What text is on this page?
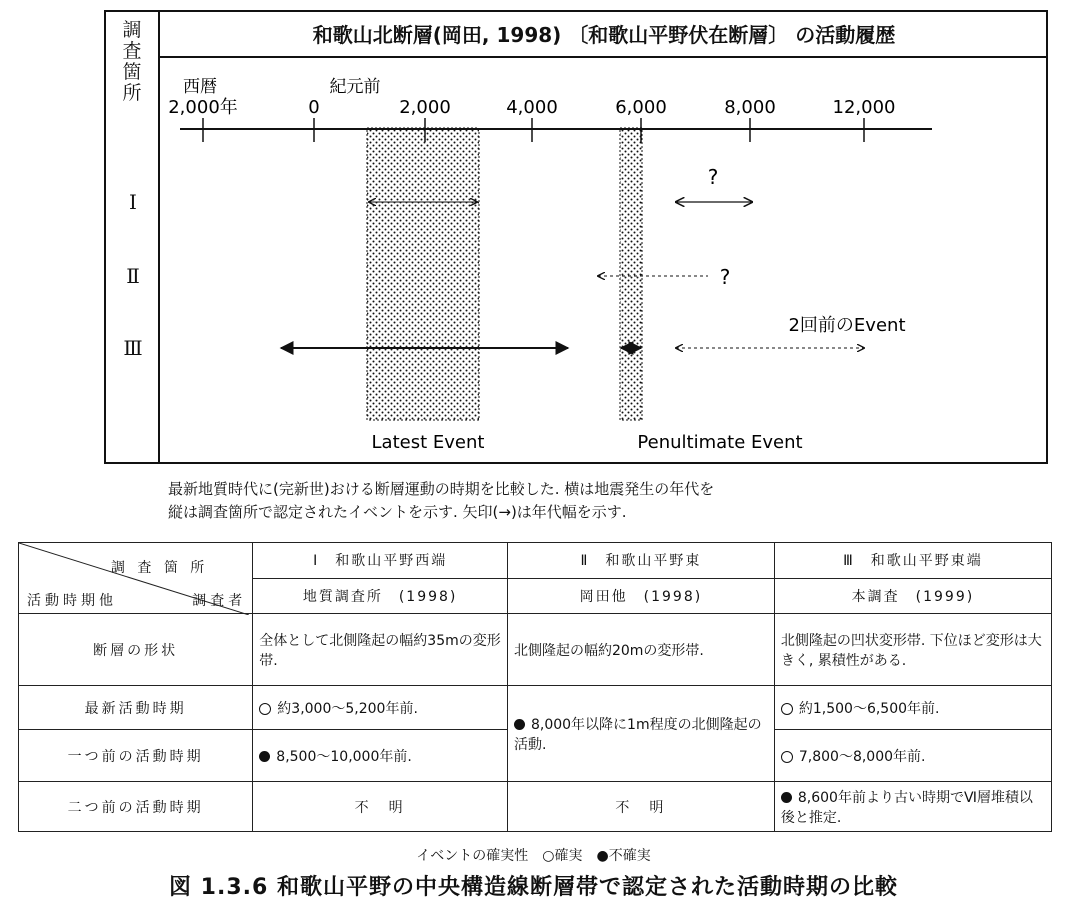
調査箇所
和歌山北断層(岡田, 1998) 〔和歌山平野伏在断層〕 の活動履歴
Ⅰ
Ⅱ
Ⅲ
西暦	紀元前
2,000年	0	2,000	4,000	6,000	8,000	12,000
?
?
2回前のEvent
Latest Event	Penultimate Event
最新地質時代に(完新世)おける断層運動の時期を比較した. 横は地震発生の年代を
縦は調査箇所で認定されたイベントを示す. 矢印(→)は年代幅を示す.
調 査 箇 所
活動時期他 調査者	Ⅰ　和歌山平野西端	Ⅱ　和歌山平野東	Ⅲ　和歌山平野東端
	地質調査所　(1998)	岡田他　(1998)	本調査　(1999)
断層の形状	全体として北側隆起の幅約35mの変形帯.	北側隆起の幅約20mの変形帯.	北側隆起の凹状変形帯. 下位ほど変形は大きく, 累積性がある.
最新活動時期	約3,000～5,200年前.	8,000年以降に1m程度の北側隆起の活動.	約1,500～6,500年前.
一つ前の活動時期	8,500～10,000年前.		7,800～8,000年前.
二つ前の活動時期	不　明	不　明	8,600年前より古い時期でⅥ層堆積以後と推定.
イベントの確実性　○確実　●不確実
図 1.3.6 和歌山平野の中央構造線断層帯で認定された活動時期の比較
